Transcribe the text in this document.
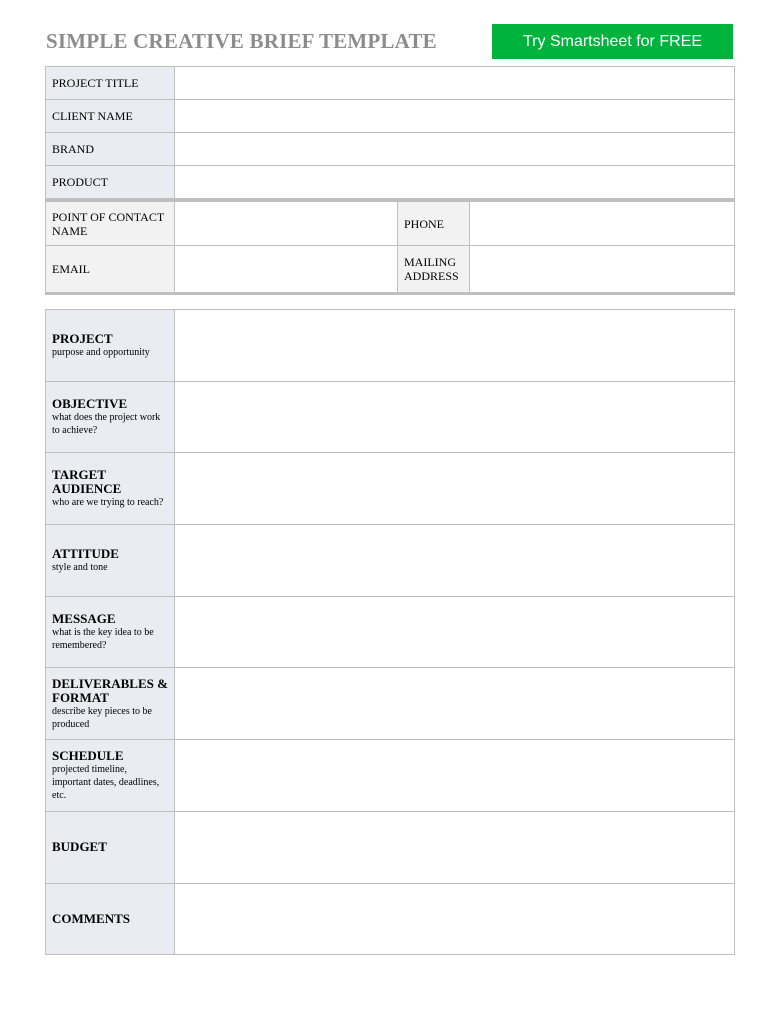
SIMPLE CREATIVE BRIEF TEMPLATE	Try Smartsheet for FREE
PROJECT TITLE	
CLIENT NAME	
BRAND	
PRODUCT	
POINT OF CONTACT NAME		PHONE	
EMAIL		MAILING ADDRESS	
PROJECT
purpose and opportunity

OBJECTIVE
what does the project work to achieve?

TARGET AUDIENCE
who are we trying to reach?

ATTITUDE
style and tone

MESSAGE
what is the key idea to be remembered?

DELIVERABLES & FORMAT
describe key pieces to be produced

SCHEDULE
projected timeline, important dates, deadlines, etc.

BUDGET

COMMENTS
